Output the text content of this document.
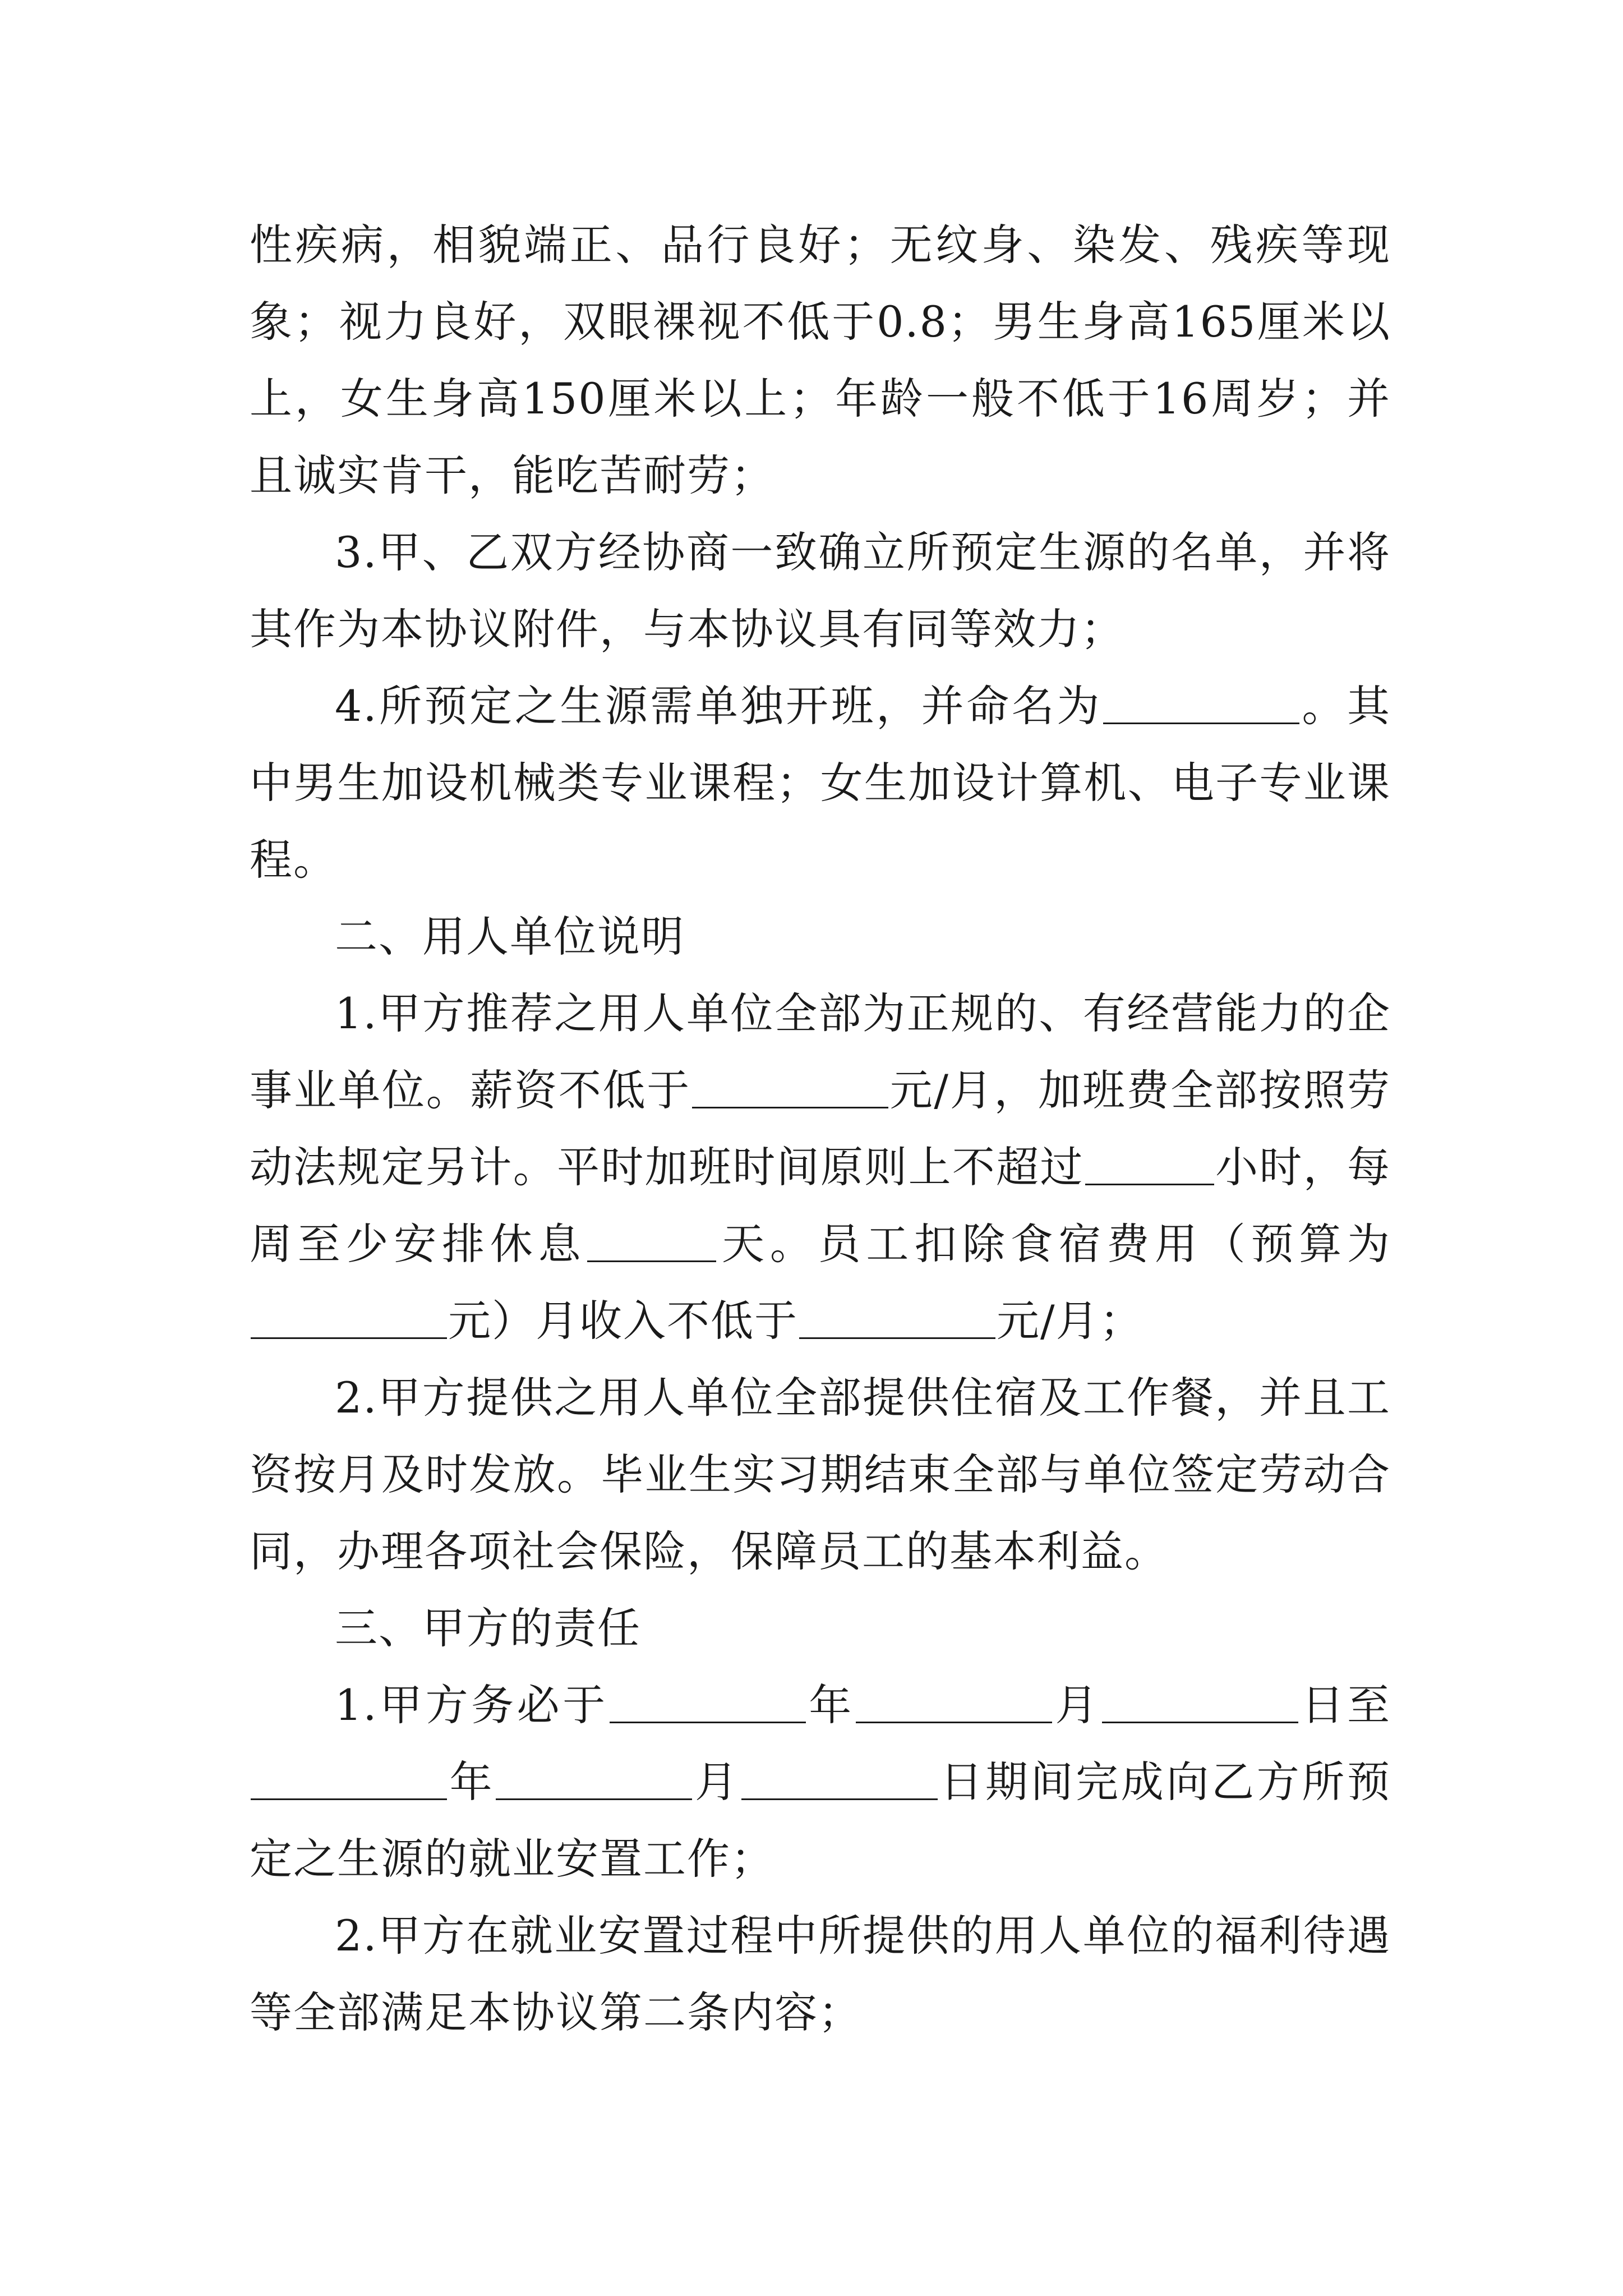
性疾病，相貌端正、品行良好；无纹身、染发、残疾等现象；视力良好，双眼裸视不低于0.8；男生身高165厘米以上，女生身高150厘米以上；年龄一般不低于16周岁；并且诚实肯干，能吃苦耐劳；

3.甲、乙双方经协商一致确立所预定生源的名单，并将其作为本协议附件，与本协议具有同等效力；

4.所预定之生源需单独开班，并命名为	。其中男生加设机械类专业课程；女生加设计算机、电子专业课程。

二、用人单位说明

1.甲方推荐之用人单位全部为正规的、有经营能力的企事业单位。薪资不低于	元/月，加班费全部按照劳动法规定另计。平时加班时间原则上不超过	小时，每周至少安排休息	天。员工扣除食宿费用（预算为元）月收入不低于	元/月；

2.甲方提供之用人单位全部提供住宿及工作餐，并且工资按月及时发放。毕业生实习期结束全部与单位签定劳动合同，办理各项社会保险，保障员工的基本利益。

三、甲方的责任

1.甲方务必于	年	月	日至年	月	日期间完成向乙方所预定之生源的就业安置工作；

2.甲方在就业安置过程中所提供的用人单位的福利待遇等全部满足本协议第二条内容；
